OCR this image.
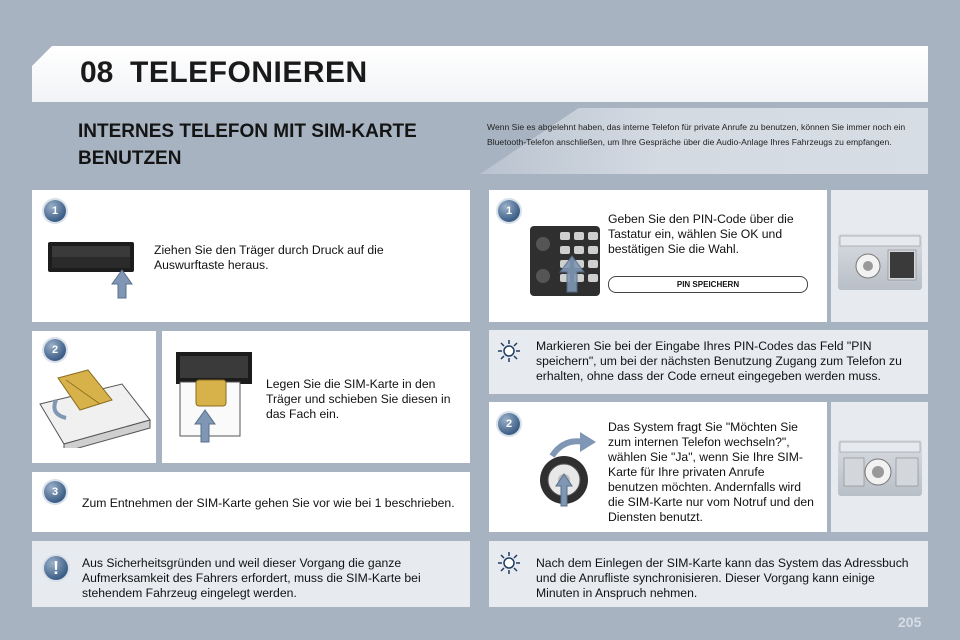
08 TELEFONIEREN
INTERNES TELEFON MIT SIM-KARTE BENUTZEN
Wenn Sie es abgelehnt haben, das interne Telefon für private Anrufe zu benutzen, können Sie immer noch ein Bluetooth-Telefon anschließen, um Ihre Gespräche über die Audio-Anlage Ihres Fahrzeugs zu empfangen.
1
Ziehen Sie den Träger durch Druck auf die Auswurftaste heraus.
2
Legen Sie die SIM-Karte in den Träger und schieben Sie diesen in das Fach ein.
3
Zum Entnehmen der SIM-Karte gehen Sie vor wie bei 1 beschrieben.
!	Aus Sicherheitsgründen und weil dieser Vorgang die ganze Aufmerksamkeit des Fahrers erfordert, muss die SIM-Karte bei stehendem Fahrzeug eingelegt werden.
1
Geben Sie den PIN-Code über die Tastatur ein, wählen Sie OK und bestätigen Sie die Wahl.
PIN SPEICHERN
Markieren Sie bei der Eingabe Ihres PIN-Codes das Feld "PIN speichern", um bei der nächsten Benutzung Zugang zum Telefon zu erhalten, ohne dass der Code erneut eingegeben werden muss.
2	Das System fragt Sie "Möchten Sie zum internen Telefon wechseln?", wählen Sie "Ja", wenn Sie Ihre SIM-Karte für Ihre privaten Anrufe benutzen möchten. Andernfalls wird die SIM-Karte nur vom Notruf und den Diensten benutzt.
Nach dem Einlegen der SIM-Karte kann das System das Adressbuch und die Anrufliste synchronisieren. Dieser Vorgang kann einige Minuten in Anspruch nehmen.
205
